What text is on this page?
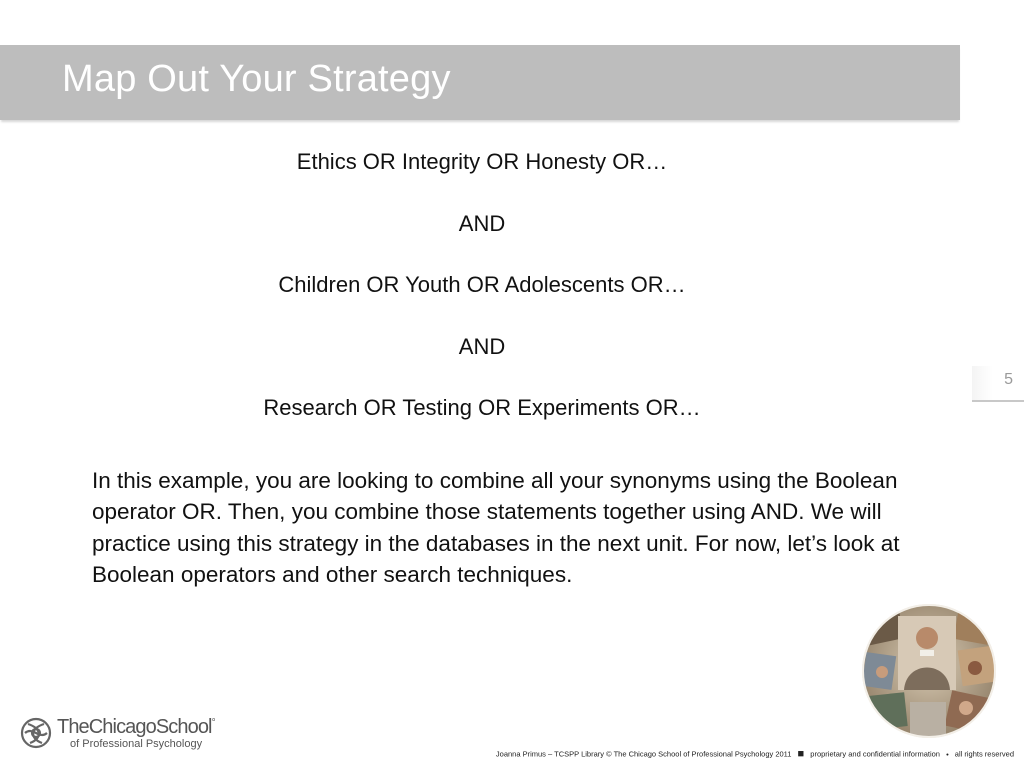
Map Out Your Strategy
Ethics OR Integrity OR Honesty OR…
AND
Children OR Youth OR Adolescents OR…
AND
Research OR Testing OR Experiments OR…
5
In this example, you are looking to combine all your synonyms using the Boolean operator OR. Then, you combine those statements together using AND. We will practice using this strategy in the databases in the next unit. For now, let’s look at Boolean operators and other search techniques.
TheChicagoSchool°
of Professional Psychology
Joanna Primus – TCSPP Library © The Chicago School of Professional Psychology 2011 ■ proprietary and confidential information • all rights reserved
